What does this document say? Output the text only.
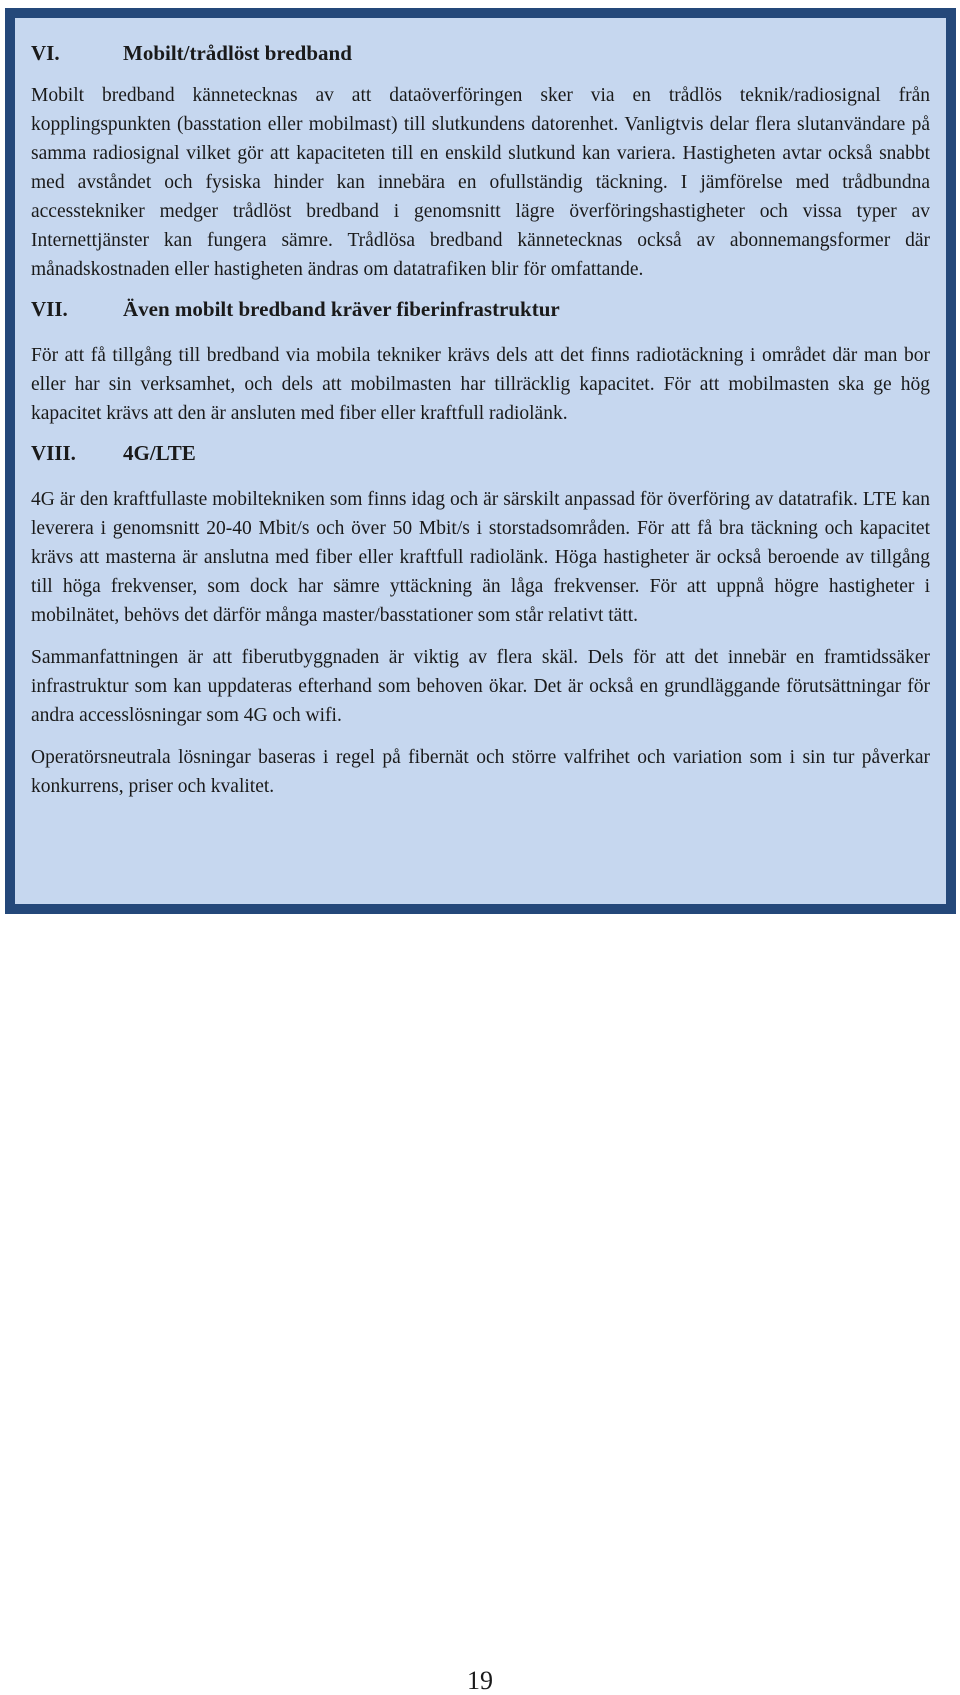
VI.	Mobilt/trådlöst bredband

Mobilt bredband kännetecknas av att dataöverföringen sker via en trådlös teknik/radiosignal från kopplingspunkten (basstation eller mobilmast) till slutkundens datorenhet. Vanligtvis delar flera slutanvändare på samma radiosignal vilket gör att kapaciteten till en enskild slutkund kan variera. Hastigheten avtar också snabbt med avståndet och fysiska hinder kan innebära en ofullständig täckning. I jämförelse med trådbundna accesstekniker medger trådlöst bredband i genomsnitt lägre överföringshastigheter och vissa typer av Internettjänster kan fungera sämre. Trådlösa bredband kännetecknas också av abonnemangsformer där månadskostnaden eller hastigheten ändras om datatrafiken blir för omfattande.

VII.	Även mobilt bredband kräver fiberinfrastruktur

För att få tillgång till bredband via mobila tekniker krävs dels att det finns radiotäckning i området där man bor eller har sin verksamhet, och dels att mobilmasten har tillräcklig kapacitet. För att mobilmasten ska ge hög kapacitet krävs att den är ansluten med fiber eller kraftfull radiolänk.

VIII.	4G/LTE

4G är den kraftfullaste mobiltekniken som finns idag och är särskilt anpassad för överföring av datatrafik. LTE kan leverera i genomsnitt 20-40 Mbit/s och över 50 Mbit/s i storstadsområden. För att få bra täckning och kapacitet krävs att masterna är anslutna med fiber eller kraftfull radiolänk. Höga hastigheter är också beroende av tillgång till höga frekvenser, som dock har sämre yttäckning än låga frekvenser. För att uppnå högre hastigheter i mobilnätet, behövs det därför många master/basstationer som står relativt tätt.

Sammanfattningen är att fiberutbyggnaden är viktig av flera skäl. Dels för att det innebär en framtidssäker infrastruktur som kan uppdateras efterhand som behoven ökar. Det är också en grundläggande förutsättningar för andra accesslösningar som 4G och wifi.

Operatörsneutrala lösningar baseras i regel på fibernät och större valfrihet och variation som i sin tur påverkar konkurrens, priser och kvalitet.

19
